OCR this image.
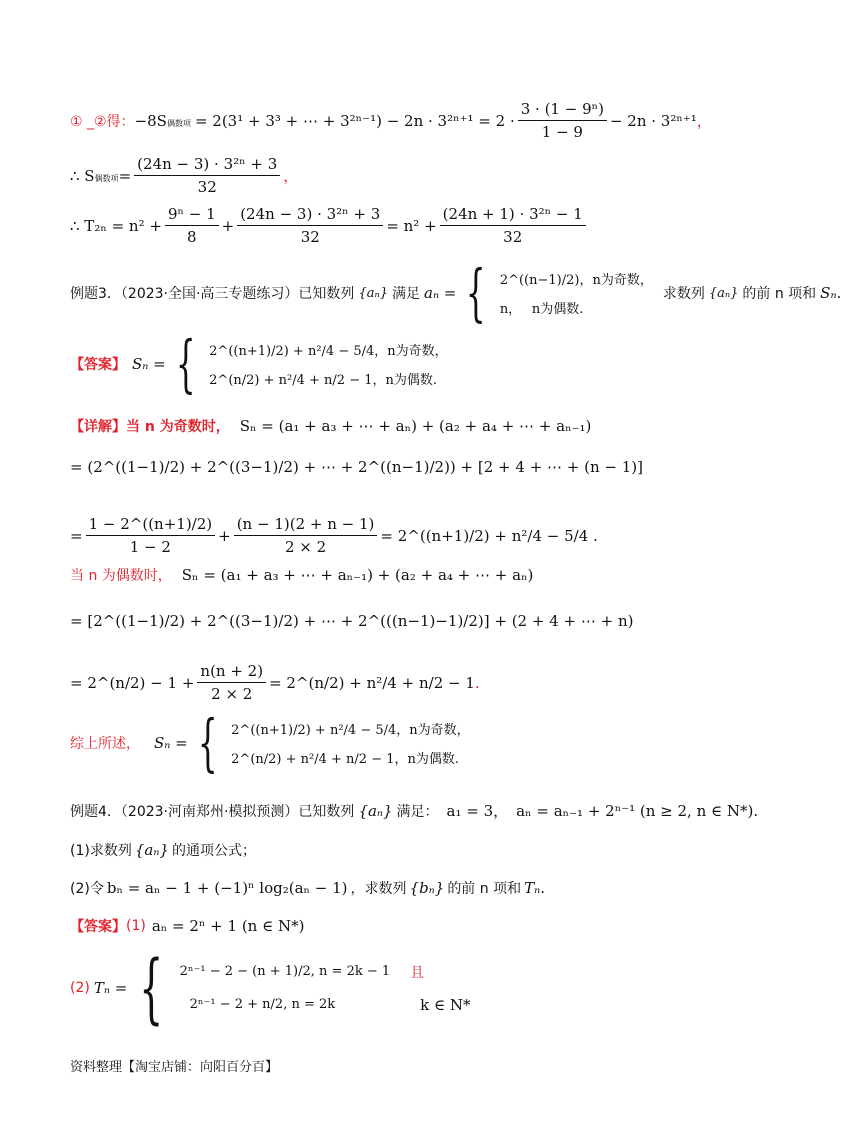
① _②得： −8S偶数项 = 2(3¹ + 3³ + ⋯ + $3^{2n-1}) - 2n \cdot 3^{2n+1} = 2 \cdot \frac{\text{3 · (1 − 9ⁿ)}}{1 - 9} - 2n \cdot 3^{2n+1}$ ，
∴ S偶数项 = $\frac{\text{(24n − 3) · 3²ⁿ + 3}}{32}$ ，
∴ $T_{2n} = n^2 + \frac{\text{9ⁿ − 1}}{8} + \frac{\text{(24n − 3) · 3²ⁿ + 3}}{32} = n^2 + \frac{\text{(24n + 1) · 3²ⁿ − 1}}{32}$
例题3．（2023·全国·高三专题练习）已知数列 {aₙ} 满足 aₙ = { 2^((n−1)/2)，n为奇数，
n，　 n为偶数.
求数列 {aₙ} 的前 n 项和 Sₙ .
【答案】 Sₙ = { 2^((n+1)/2) + n²/4 − 5/4，n为奇数，
2^(n/2) + n²/4 + n/2 − 1，n为偶数.
【详解】当 n 为奇数时， Sₙ = (a₁ + a₃ + ⋯ + aₙ) + (a₂ + a₄ + ⋯ + aₙ₋₁)
= (2^((1−1)/2) + 2^((3−1)/2) + ⋯ + 2^((n−1)/2)) + [2 + 4 + ⋯ + (n − 1)]
= $\frac{1 - 2\^{}((n+1)/2)}{1 - 2} + \frac{(n - 1)(2 + n - 1)}{2 \times 2}$ = 2^((n+1)/2) + n²/4 − 5/4 .
当 n 为偶数时， Sₙ = (a₁ + a₃ + ⋯ + aₙ₋₁) + (a₂ + a₄ + ⋯ + aₙ)
= [2^((1−1)/2) + 2^((3−1)/2) + ⋯ + 2^(((n−1)−1)/2)] + (2 + 4 + ⋯ + n)
= 2^(n/2) − $1 + \frac{n(n + 2)}{2 \times 2}$ = 2^(n/2) + n²/4 + n/2 − 1 .
综上所述， Sₙ = { 2^((n+1)/2) + n²/4 − 5/4，n为奇数，
2^(n/2) + n²/4 + n/2 − 1，n为偶数.
例题4．（2023·河南郑州·模拟预测）已知数列 {aₙ} 满足： a₁ = 3， aₙ = aₙ₋₁ + 2ⁿ⁻¹ (n ≥ 2, n ∈ N*) .
(1)求数列 {aₙ} 的通项公式；
(2)令 bₙ = aₙ − 1 + (−1)ⁿ log₂(aₙ − 1) ，求数列 {bₙ} 的前 n 项和 Tₙ .
【答案】 (1) aₙ = 2ⁿ + 1 (n ∈ N*)
(2) Tₙ = { 2ⁿ⁻¹ − 2 − (n + 1)/2, n = 2k − 1
2ⁿ⁻¹ − 2 + n/2, n = 2k
且
k ∈ N*
资料整理【淘宝店铺：向阳百分百】
